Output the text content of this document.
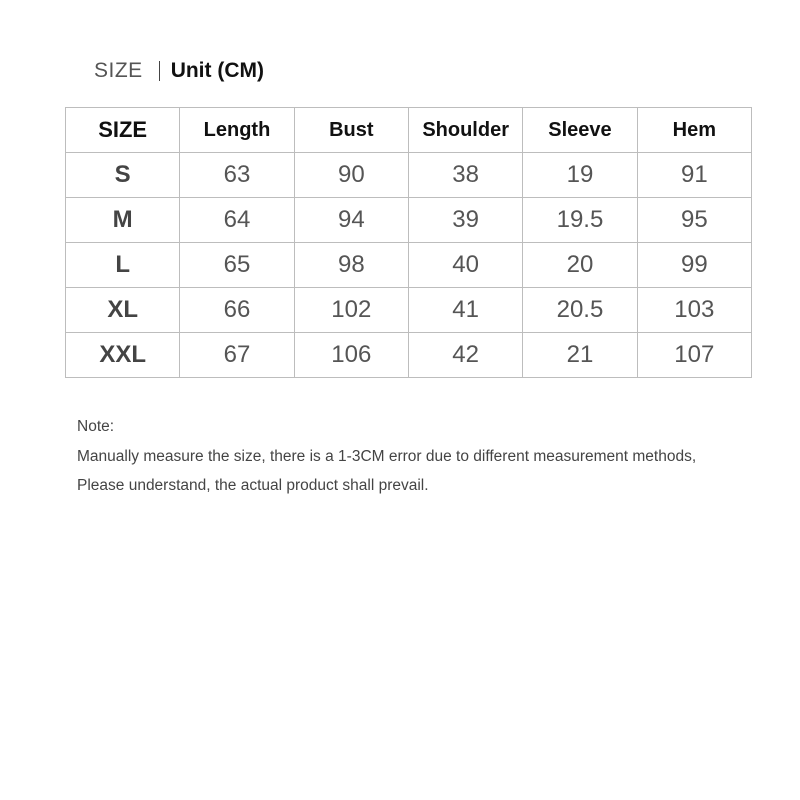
SIZE Unit (CM)
SIZE	Length	Bust	Shoulder	Sleeve	Hem
S	63	90	38	19	91
M	64	94	39	19.5	95
L	65	98	40	20	99
XL	66	102	41	20.5	103
XXL	67	106	42	21	107
Note:
Manually measure the size, there is a 1-3CM error due to different measurement methods,
Please understand, the actual product shall prevail.
